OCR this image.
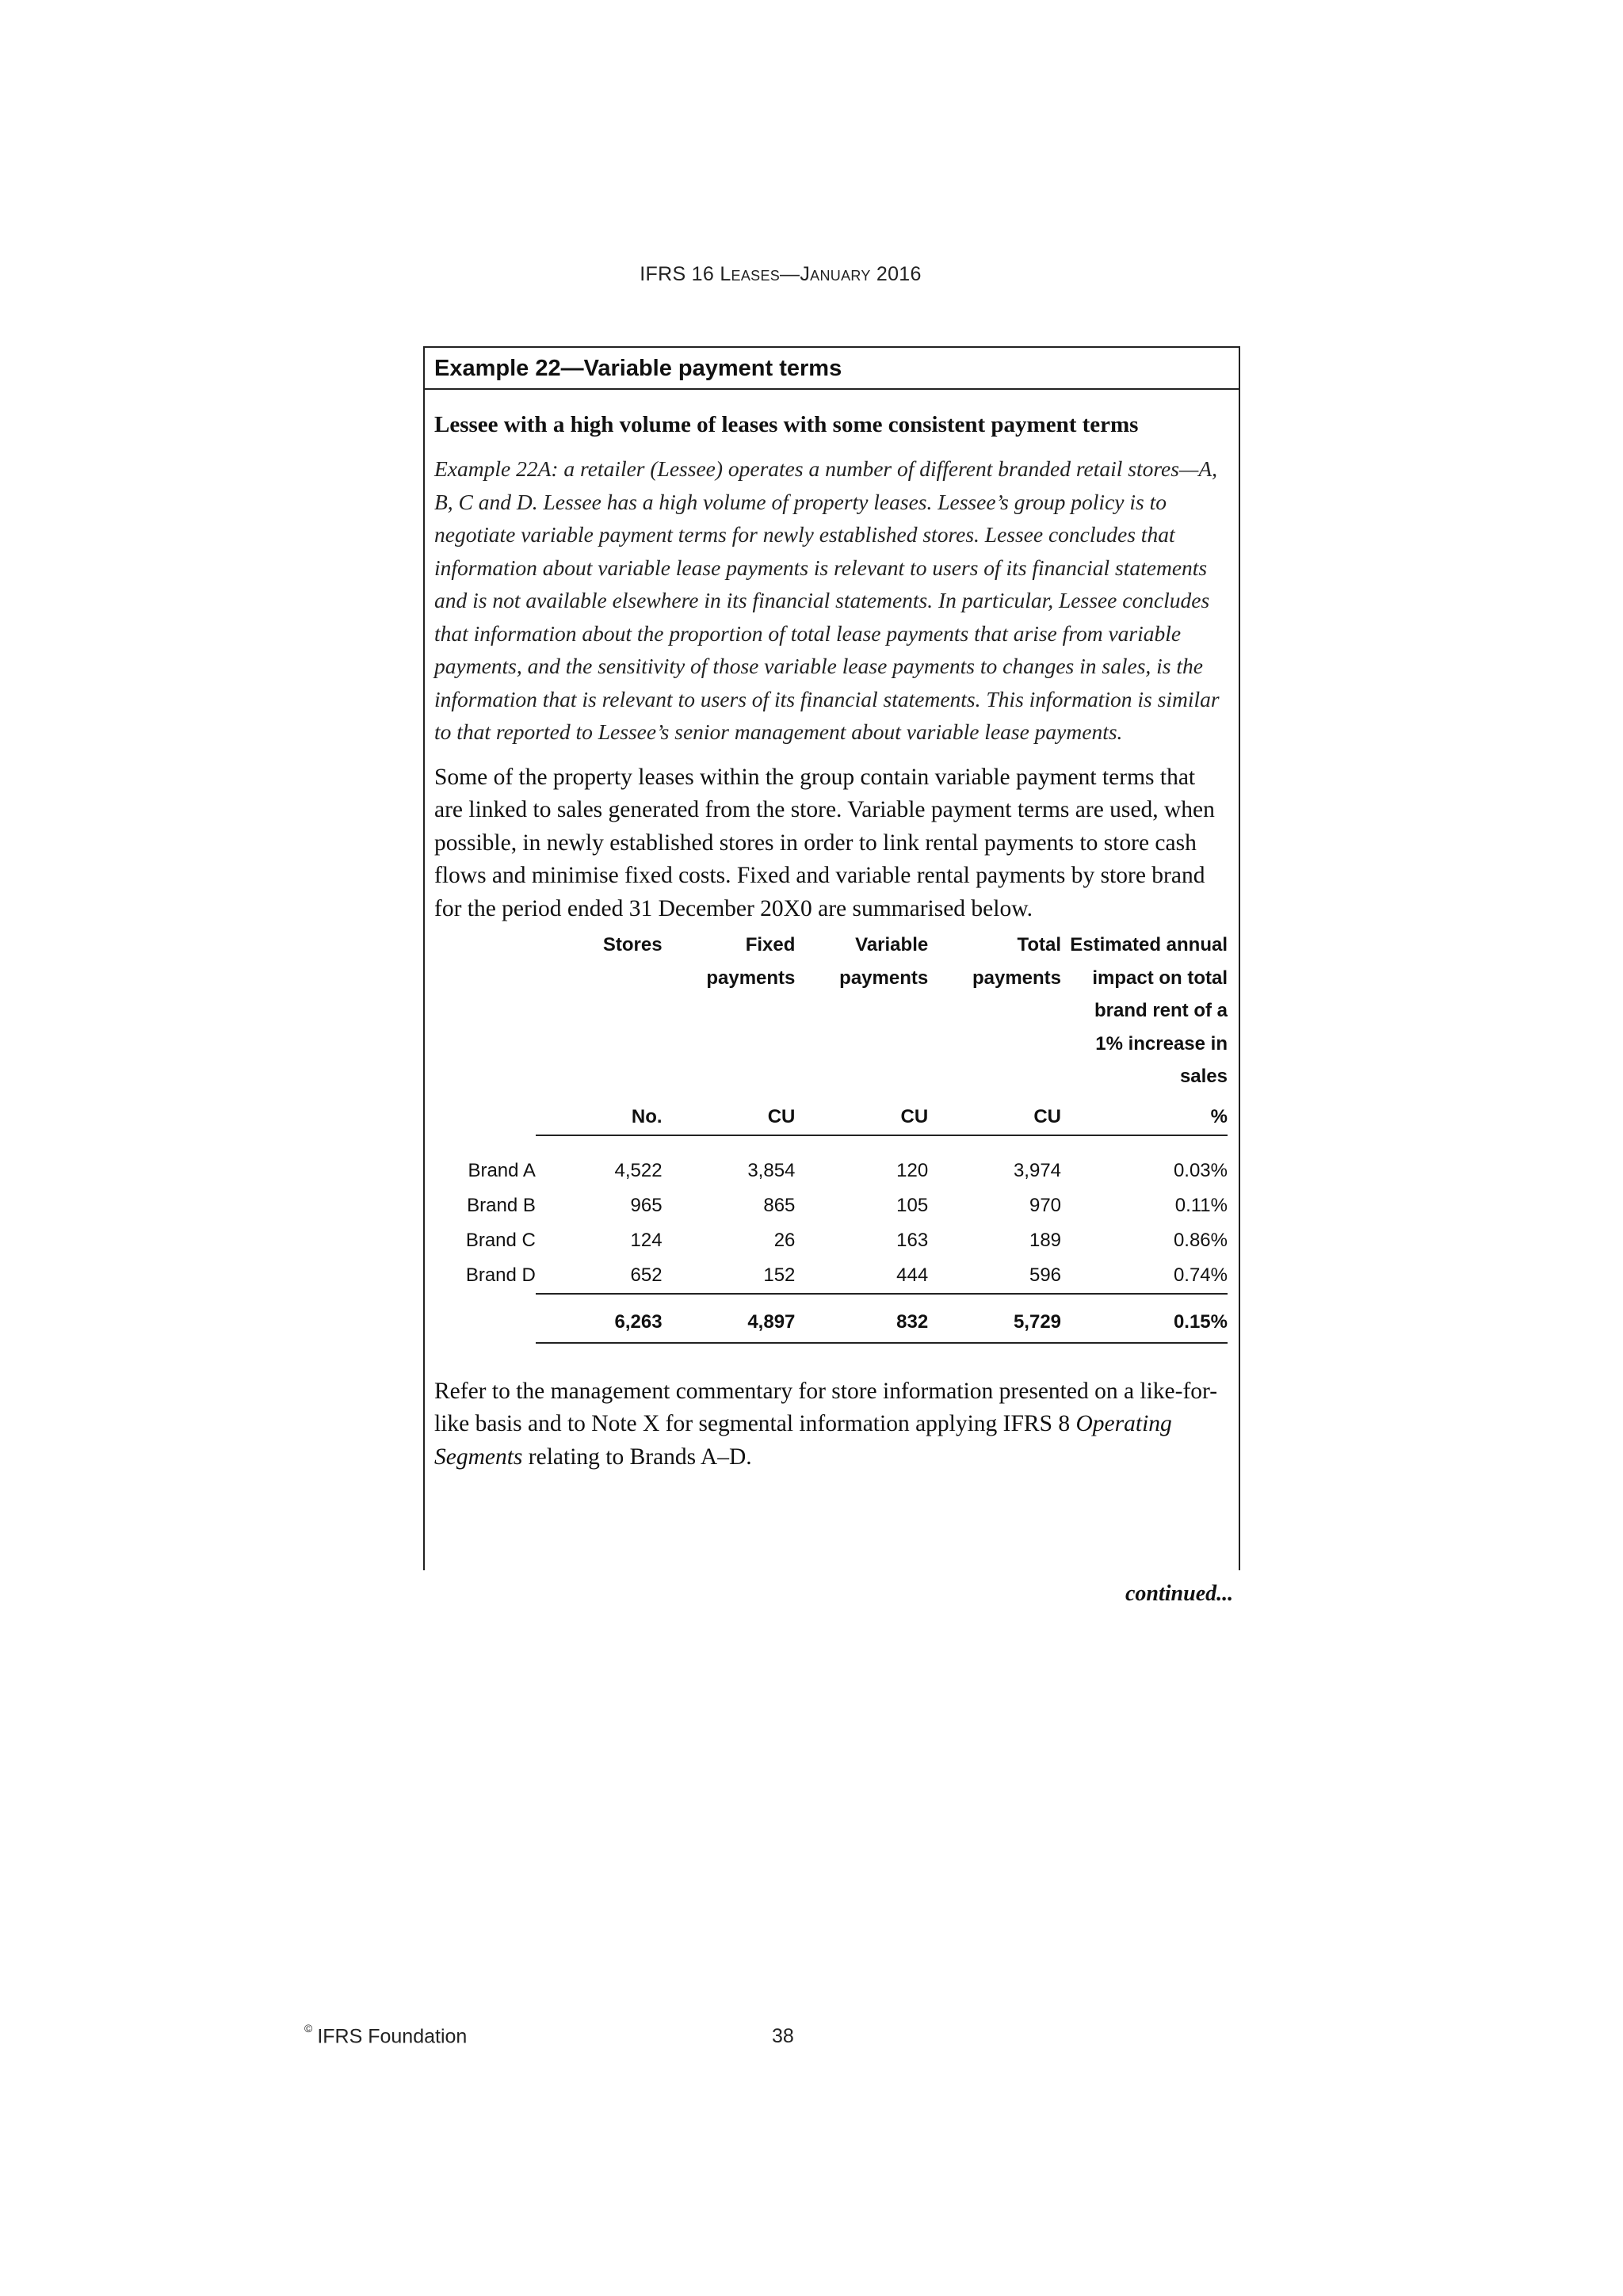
IFRS 16 Leases—January 2016
Example 22—Variable payment terms
Lessee with a high volume of leases with some consistent payment terms
Example 22A: a retailer (Lessee) operates a number of different branded retail stores—A, B, C and D. Lessee has a high volume of property leases. Lessee’s group policy is to negotiate variable payment terms for newly established stores. Lessee concludes that information about variable lease payments is relevant to users of its financial statements and is not available elsewhere in its financial statements. In particular, Lessee concludes that information about the proportion of total lease payments that arise from variable payments, and the sensitivity of those variable lease payments to changes in sales, is the information that is relevant to users of its financial statements. This information is similar to that reported to Lessee’s senior management about variable lease payments.
Some of the property leases within the group contain variable payment terms that are linked to sales generated from the store. Variable payment terms are used, when possible, in newly established stores in order to link rental payments to store cash flows and minimise fixed costs. Fixed and variable rental payments by store brand for the period ended 31 December 20X0 are summarised below.
	Stores	Fixed	Variable	Total	Estimated annual
		payments	payments	payments	impact on total
					brand rent of a
					1% increase in
					sales
	No.	CU	CU	CU	%

Brand A	4,522	3,854	120	3,974	0.03%
Brand B	965	865	105	970	0.11%
Brand C	124	26	163	189	0.86%
Brand D	652	152	444	596	0.74%

	6,263	4,897	832	5,729	0.15%
Refer to the management commentary for store information presented on a like-for-like basis and to Note X for segmental information applying IFRS 8 Operating Segments relating to Brands A–D.
continued...
© IFRS Foundation	38
